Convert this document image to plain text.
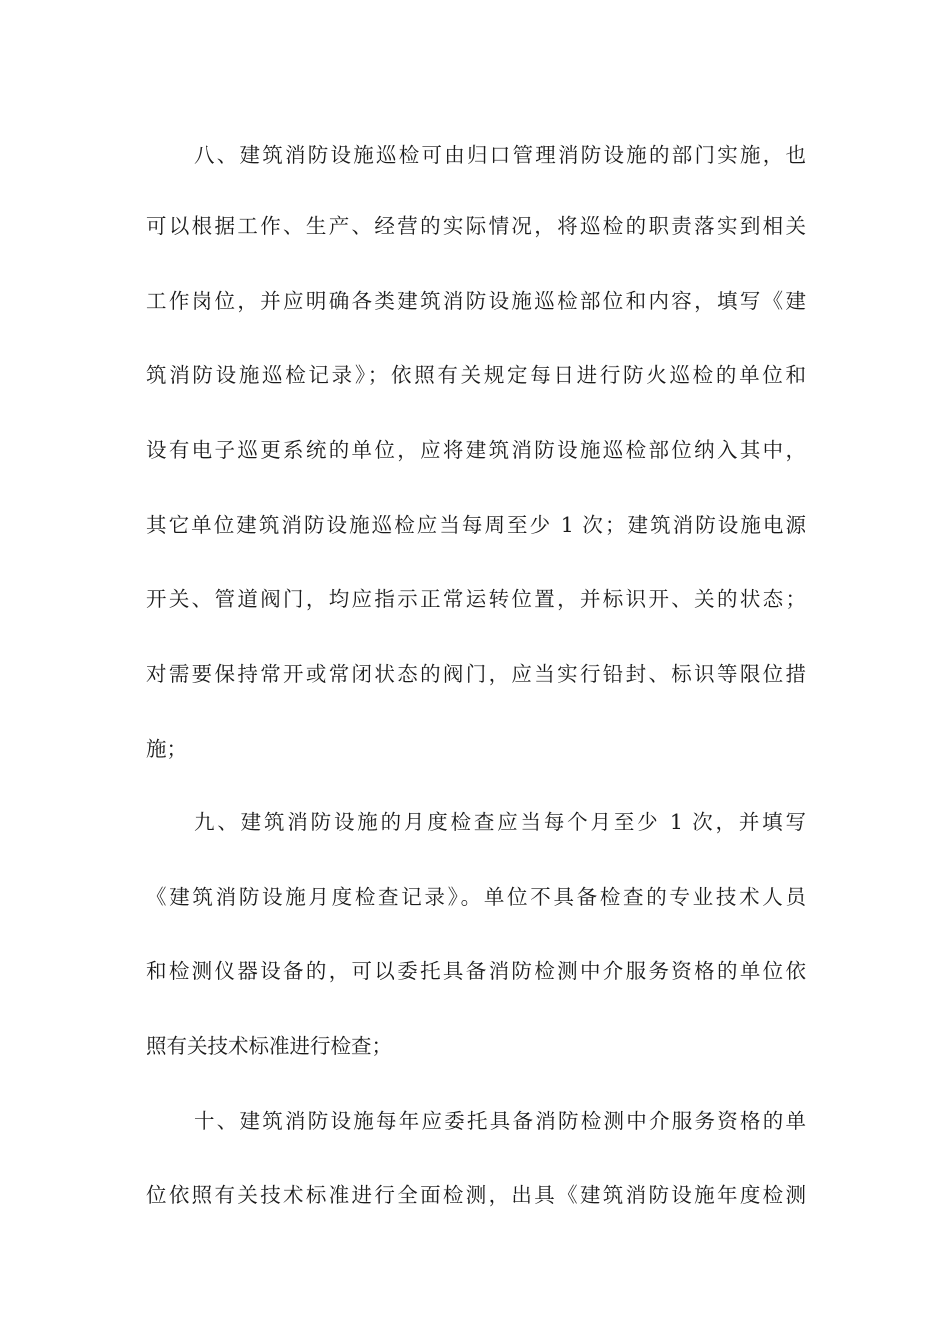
八、建筑消防设施巡检可由归口管理消防设施的部门实施，也
可以根据工作、生产、经营的实际情况，将巡检的职责落实到相关
工作岗位，并应明确各类建筑消防设施巡检部位和内容，填写《建
筑消防设施巡检记录》；依照有关规定每日进行防火巡检的单位和
设有电子巡更系统的单位，应将建筑消防设施巡检部位纳入其中，
其它单位建筑消防设施巡检应当每周至少 1 次；建筑消防设施电源
开关、管道阀门，均应指示正常运转位置，并标识开、关的状态；
对需要保持常开或常闭状态的阀门，应当实行铅封、标识等限位措
施；
九、建筑消防设施的月度检查应当每个月至少 1 次，并填写
《建筑消防设施月度检查记录》。单位不具备检查的专业技术人员
和检测仪器设备的，可以委托具备消防检测中介服务资格的单位依
照有关技术标准进行检查；
十、建筑消防设施每年应委托具备消防检测中介服务资格的单
位依照有关技术标准进行全面检测，出具《建筑消防设施年度检测
